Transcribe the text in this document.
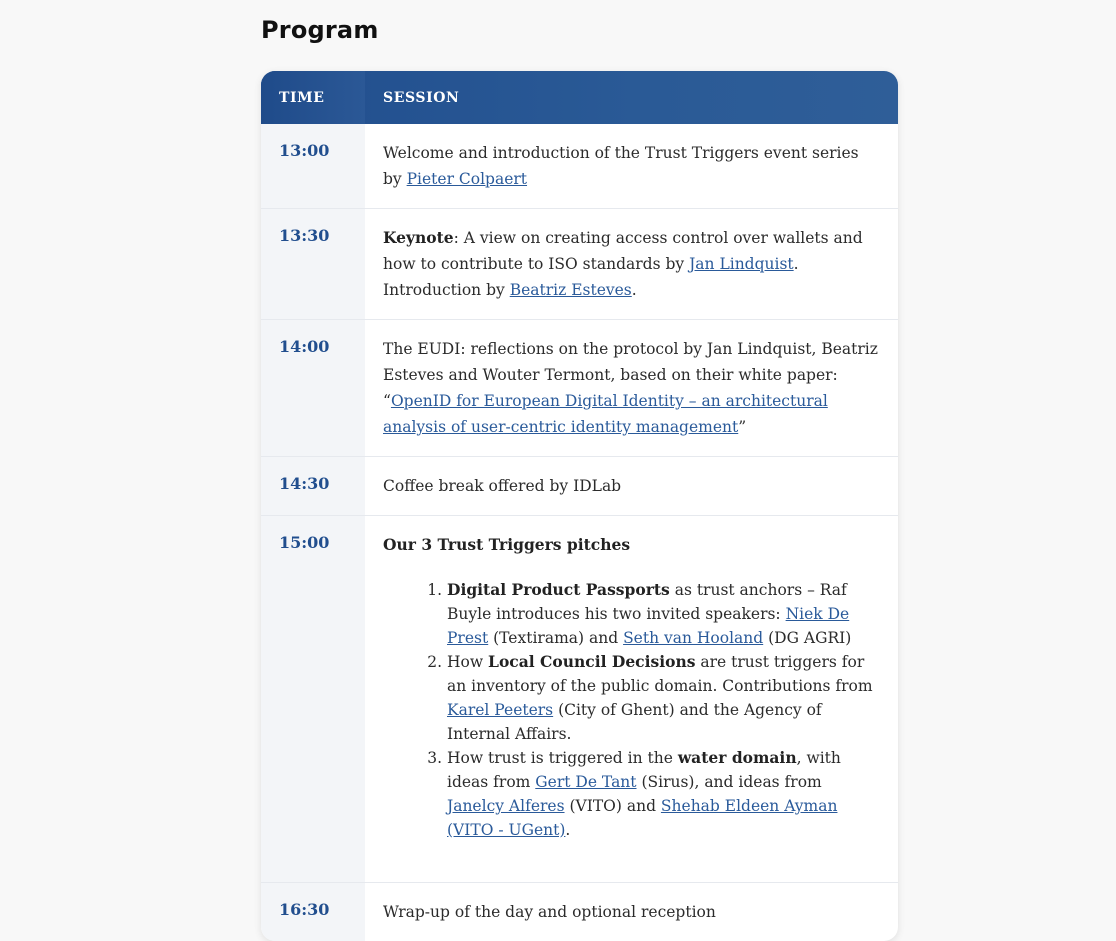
Program
TIME	SESSION
13:00	Welcome and introduction of the Trust Triggers event series by Pieter Colpaert
13:30	Keynote: A view on creating access control over wallets and how to contribute to ISO standards by Jan Lindquist. Introduction by Beatriz Esteves.
14:00	The EUDI: reflections on the protocol by Jan Lindquist, Beatriz Esteves and Wouter Termont, based on their white paper: “OpenID for European Digital Identity – an architectural analysis of user-centric identity management”
14:30	Coffee break offered by IDLab
15:00	Our 3 Trust Triggers pitches
1. Digital Product Passports as trust anchors – Raf Buyle introduces his two invited speakers: Niek De Prest (Textirama) and Seth van Hooland (DG AGRI)
2. How Local Council Decisions are trust triggers for an inventory of the public domain. Contributions from Karel Peeters (City of Ghent) and the Agency of Internal Affairs.
3. How trust is triggered in the water domain, with ideas from Gert De Tant (Sirus), and ideas from Janelcy Alferes (VITO) and Shehab Eldeen Ayman (VITO - UGent).
16:30	Wrap-up of the day and optional reception
